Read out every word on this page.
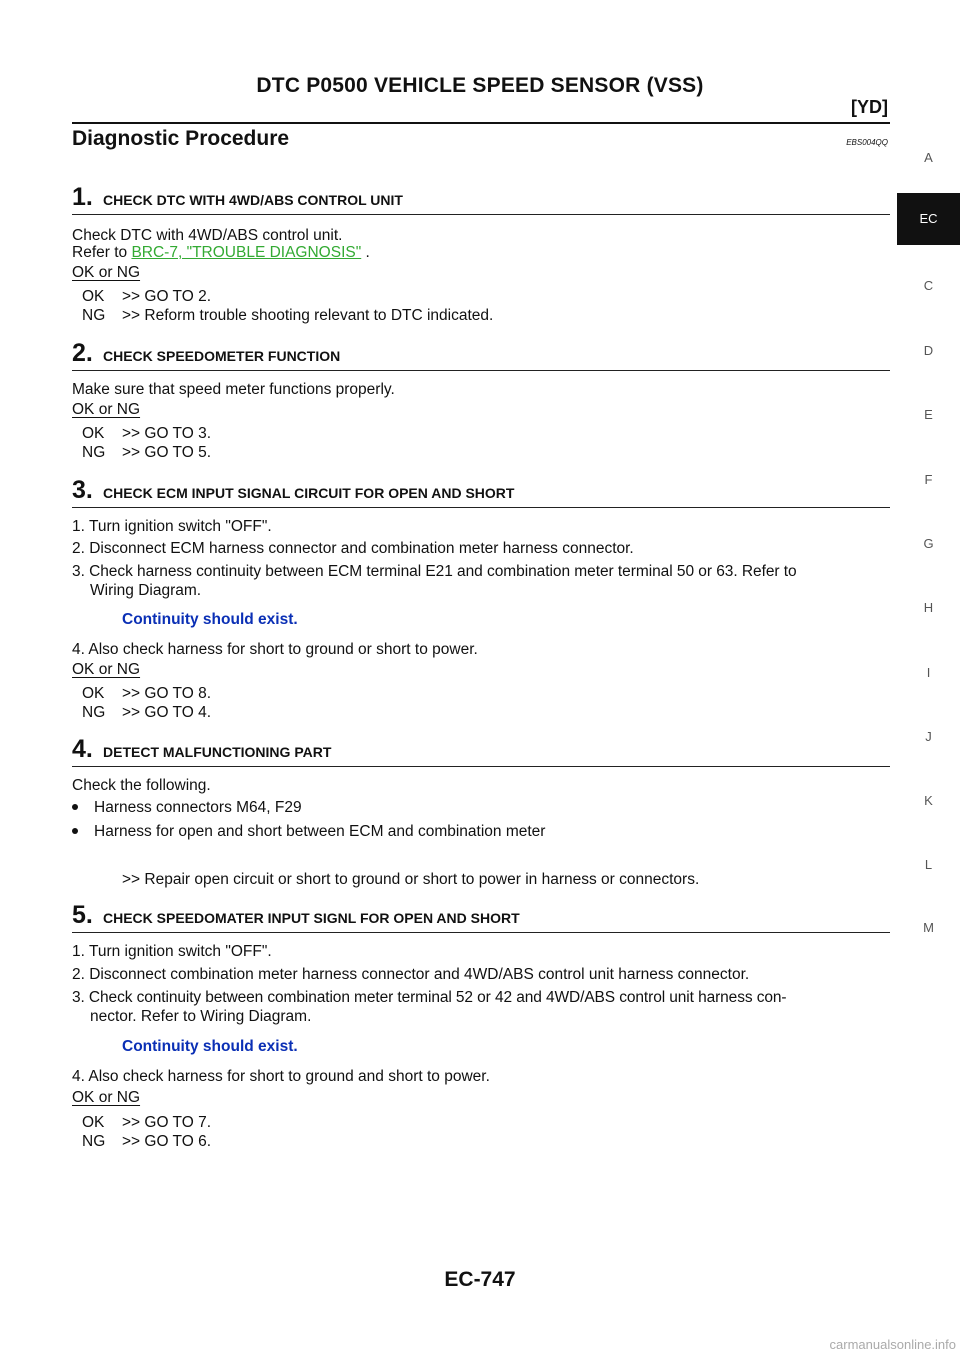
DTC P0500 VEHICLE SPEED SENSOR (VSS)
[YD]
Diagnostic Procedure	EBS004QQ
A
EC
C
D
E
F
G
H
I
J
K
L
M
1. CHECK DTC WITH 4WD/ABS CONTROL UNIT
Check DTC with 4WD/ABS control unit.
Refer to BRC-7, "TROUBLE DIAGNOSIS" .
OK or NG
OK >> GO TO 2.
NG >> Reform trouble shooting relevant to DTC indicated.
2. CHECK SPEEDOMETER FUNCTION
Make sure that speed meter functions properly.
OK or NG
OK >> GO TO 3.
NG >> GO TO 5.
3. CHECK ECM INPUT SIGNAL CIRCUIT FOR OPEN AND SHORT
1. Turn ignition switch "OFF".
2. Disconnect ECM harness connector and combination meter harness connector.
3. Check harness continuity between ECM terminal E21 and combination meter terminal 50 or 63. Refer to
Wiring Diagram.
Continuity should exist.
4. Also check harness for short to ground or short to power.
OK or NG
OK >> GO TO 8.
NG >> GO TO 4.
4. DETECT MALFUNCTIONING PART
Check the following.
Harness connectors M64, F29
Harness for open and short between ECM and combination meter
>> Repair open circuit or short to ground or short to power in harness or connectors.
5. CHECK SPEEDOMATER INPUT SIGNL FOR OPEN AND SHORT
1. Turn ignition switch "OFF".
2. Disconnect combination meter harness connector and 4WD/ABS control unit harness connector.
3. Check continuity between combination meter terminal 52 or 42 and 4WD/ABS control unit harness con-
nector. Refer to Wiring Diagram.
Continuity should exist.
4. Also check harness for short to ground and short to power.
OK or NG
OK >> GO TO 7.
NG >> GO TO 6.
EC-747
carmanualsonline.info
